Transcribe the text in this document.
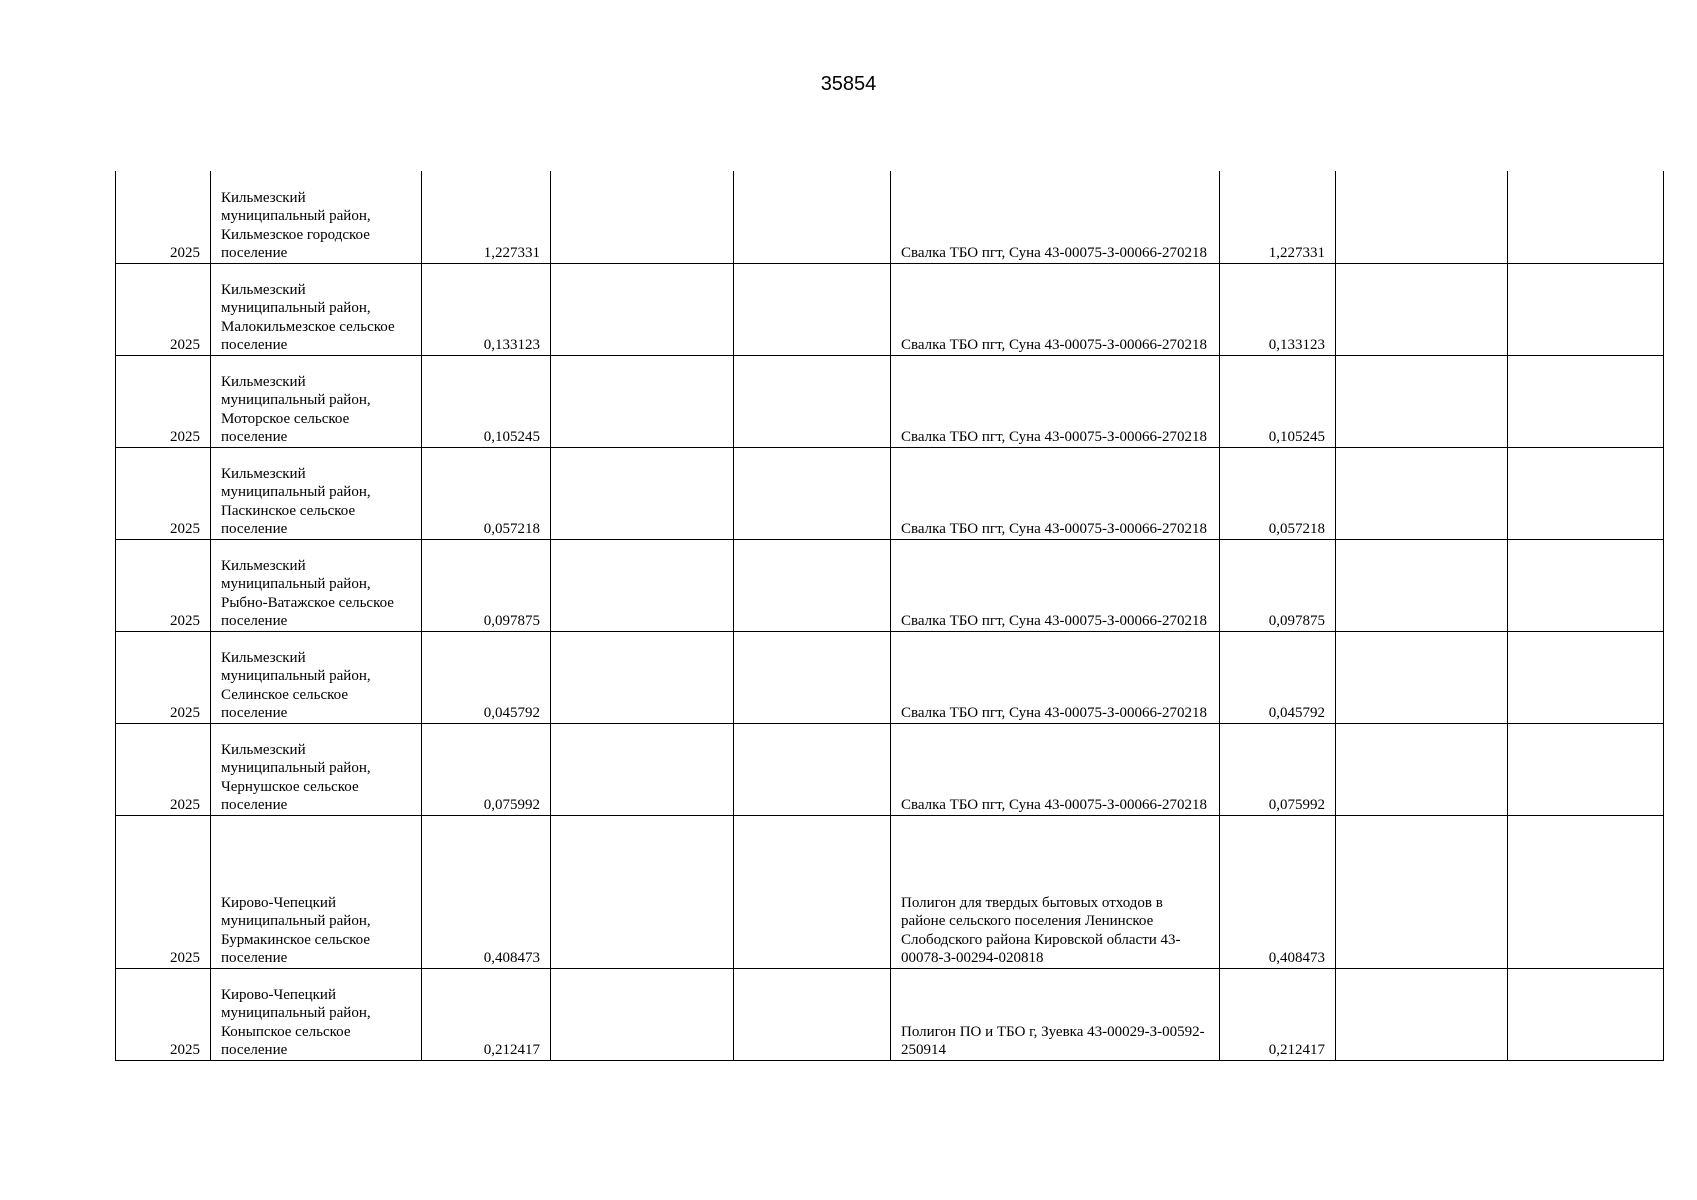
35854
2025	Кильмезский муниципальный район, Кильмезское городское поселение	1,227331			Свалка ТБО пгт, Суна 43-00075-З-00066-270218	1,227331		
2025	Кильмезский муниципальный район, Малокильмезское сельское поселение	0,133123			Свалка ТБО пгт, Суна 43-00075-З-00066-270218	0,133123		
2025	Кильмезский муниципальный район, Моторское сельское поселение	0,105245			Свалка ТБО пгт, Суна 43-00075-З-00066-270218	0,105245		
2025	Кильмезский муниципальный район, Паскинское сельское поселение	0,057218			Свалка ТБО пгт, Суна 43-00075-З-00066-270218	0,057218		
2025	Кильмезский муниципальный район, Рыбно-Ватажское сельское поселение	0,097875			Свалка ТБО пгт, Суна 43-00075-З-00066-270218	0,097875		
2025	Кильмезский муниципальный район, Селинское сельское поселение	0,045792			Свалка ТБО пгт, Суна 43-00075-З-00066-270218	0,045792		
2025	Кильмезский муниципальный район, Чернушское сельское поселение	0,075992			Свалка ТБО пгт, Суна 43-00075-З-00066-270218	0,075992		
2025	Кирово-Чепецкий муниципальный район, Бурмакинское сельское поселение	0,408473			Полигон для твердых бытовых отходов в районе сельского поселения Ленинское Слободского района Кировской области 43-00078-З-00294-020818	0,408473		
2025	Кирово-Чепецкий муниципальный район, Коныпское сельское поселение	0,212417			Полигон ПО и ТБО г, Зуевка 43-00029-З-00592-250914	0,212417		
